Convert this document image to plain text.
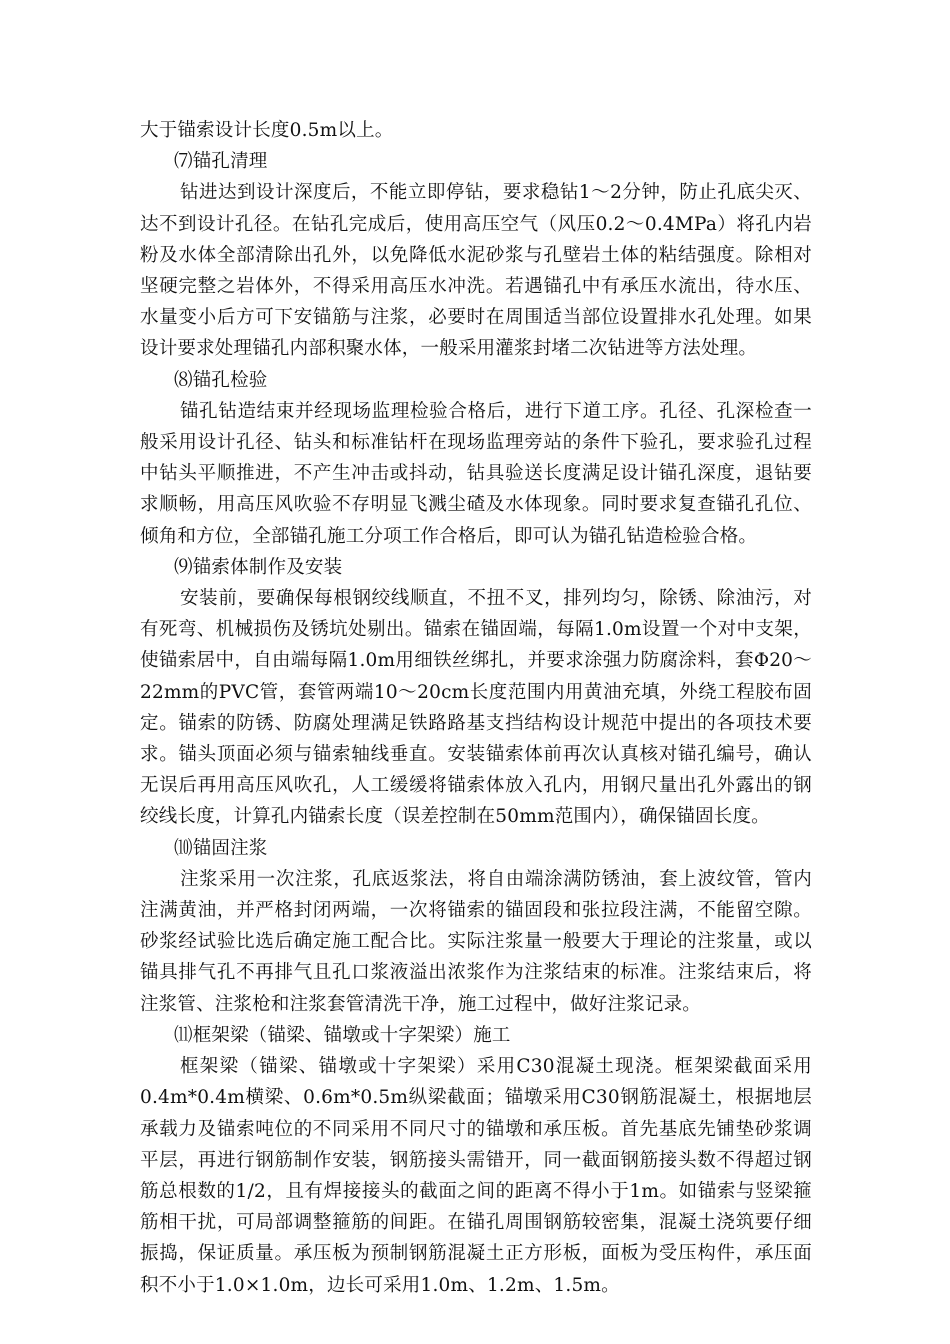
大于锚索设计长度0.5m以上。

⑺锚孔清理

钻进达到设计深度后，不能立即停钻，要求稳钻1～2分钟，防止孔底尖灭、达不到设计孔径。在钻孔完成后，使用高压空气（风压0.2～0.4MPa）将孔内岩粉及水体全部清除出孔外，以免降低水泥砂浆与孔壁岩土体的粘结强度。除相对坚硬完整之岩体外，不得采用高压水冲洗。若遇锚孔中有承压水流出，待水压、水量变小后方可下安锚筋与注浆，必要时在周围适当部位设置排水孔处理。如果设计要求处理锚孔内部积聚水体，一般采用灌浆封堵二次钻进等方法处理。

⑻锚孔检验

锚孔钻造结束并经现场监理检验合格后，进行下道工序。孔径、孔深检查一般采用设计孔径、钻头和标准钻杆在现场监理旁站的条件下验孔，要求验孔过程中钻头平顺推进，不产生冲击或抖动，钻具验送长度满足设计锚孔深度，退钻要求顺畅，用高压风吹验不存明显飞溅尘碴及水体现象。同时要求复查锚孔孔位、倾角和方位，全部锚孔施工分项工作合格后，即可认为锚孔钻造检验合格。

⑼锚索体制作及安装

安装前，要确保每根钢绞线顺直，不扭不叉，排列均匀，除锈、除油污，对有死弯、机械损伤及锈坑处剔出。锚索在锚固端，每隔1.0m设置一个对中支架，使锚索居中，自由端每隔1.0m用细铁丝绑扎，并要求涂强力防腐涂料，套Φ20～22mm的PVC管，套管两端10～20cm长度范围内用黄油充填，外绕工程胶布固定。锚索的防锈、防腐处理满足铁路路基支挡结构设计规范中提出的各项技术要求。锚头顶面必须与锚索轴线垂直。安装锚索体前再次认真核对锚孔编号，确认无误后再用高压风吹孔，人工缓缓将锚索体放入孔内，用钢尺量出孔外露出的钢绞线长度，计算孔内锚索长度（误差控制在50mm范围内），确保锚固长度。

⑽锚固注浆

注浆采用一次注浆，孔底返浆法，将自由端涂满防锈油，套上波纹管，管内注满黄油，并严格封闭两端，一次将锚索的锚固段和张拉段注满，不能留空隙。砂浆经试验比选后确定施工配合比。实际注浆量一般要大于理论的注浆量，或以锚具排气孔不再排气且孔口浆液溢出浓浆作为注浆结束的标准。注浆结束后，将注浆管、注浆枪和注浆套管清洗干净，施工过程中，做好注浆记录。

⑾框架梁（锚梁、锚墩或十字架梁）施工

框架梁（锚梁、锚墩或十字架梁）采用C30混凝土现浇。框架梁截面采用0.4m*0.4m横梁、0.6m*0.5m纵梁截面；锚墩采用C30钢筋混凝土，根据地层承载力及锚索吨位的不同采用不同尺寸的锚墩和承压板。首先基底先铺垫砂浆调平层，再进行钢筋制作安装，钢筋接头需错开，同一截面钢筋接头数不得超过钢筋总根数的1/2，且有焊接接头的截面之间的距离不得小于1m。如锚索与竖梁箍筋相干扰，可局部调整箍筋的间距。在锚孔周围钢筋较密集，混凝土浇筑要仔细振捣，保证质量。承压板为预制钢筋混凝土正方形板，面板为受压构件，承压面积不小于1.0×1.0m，边长可采用1.0m、1.2m、1.5m。
